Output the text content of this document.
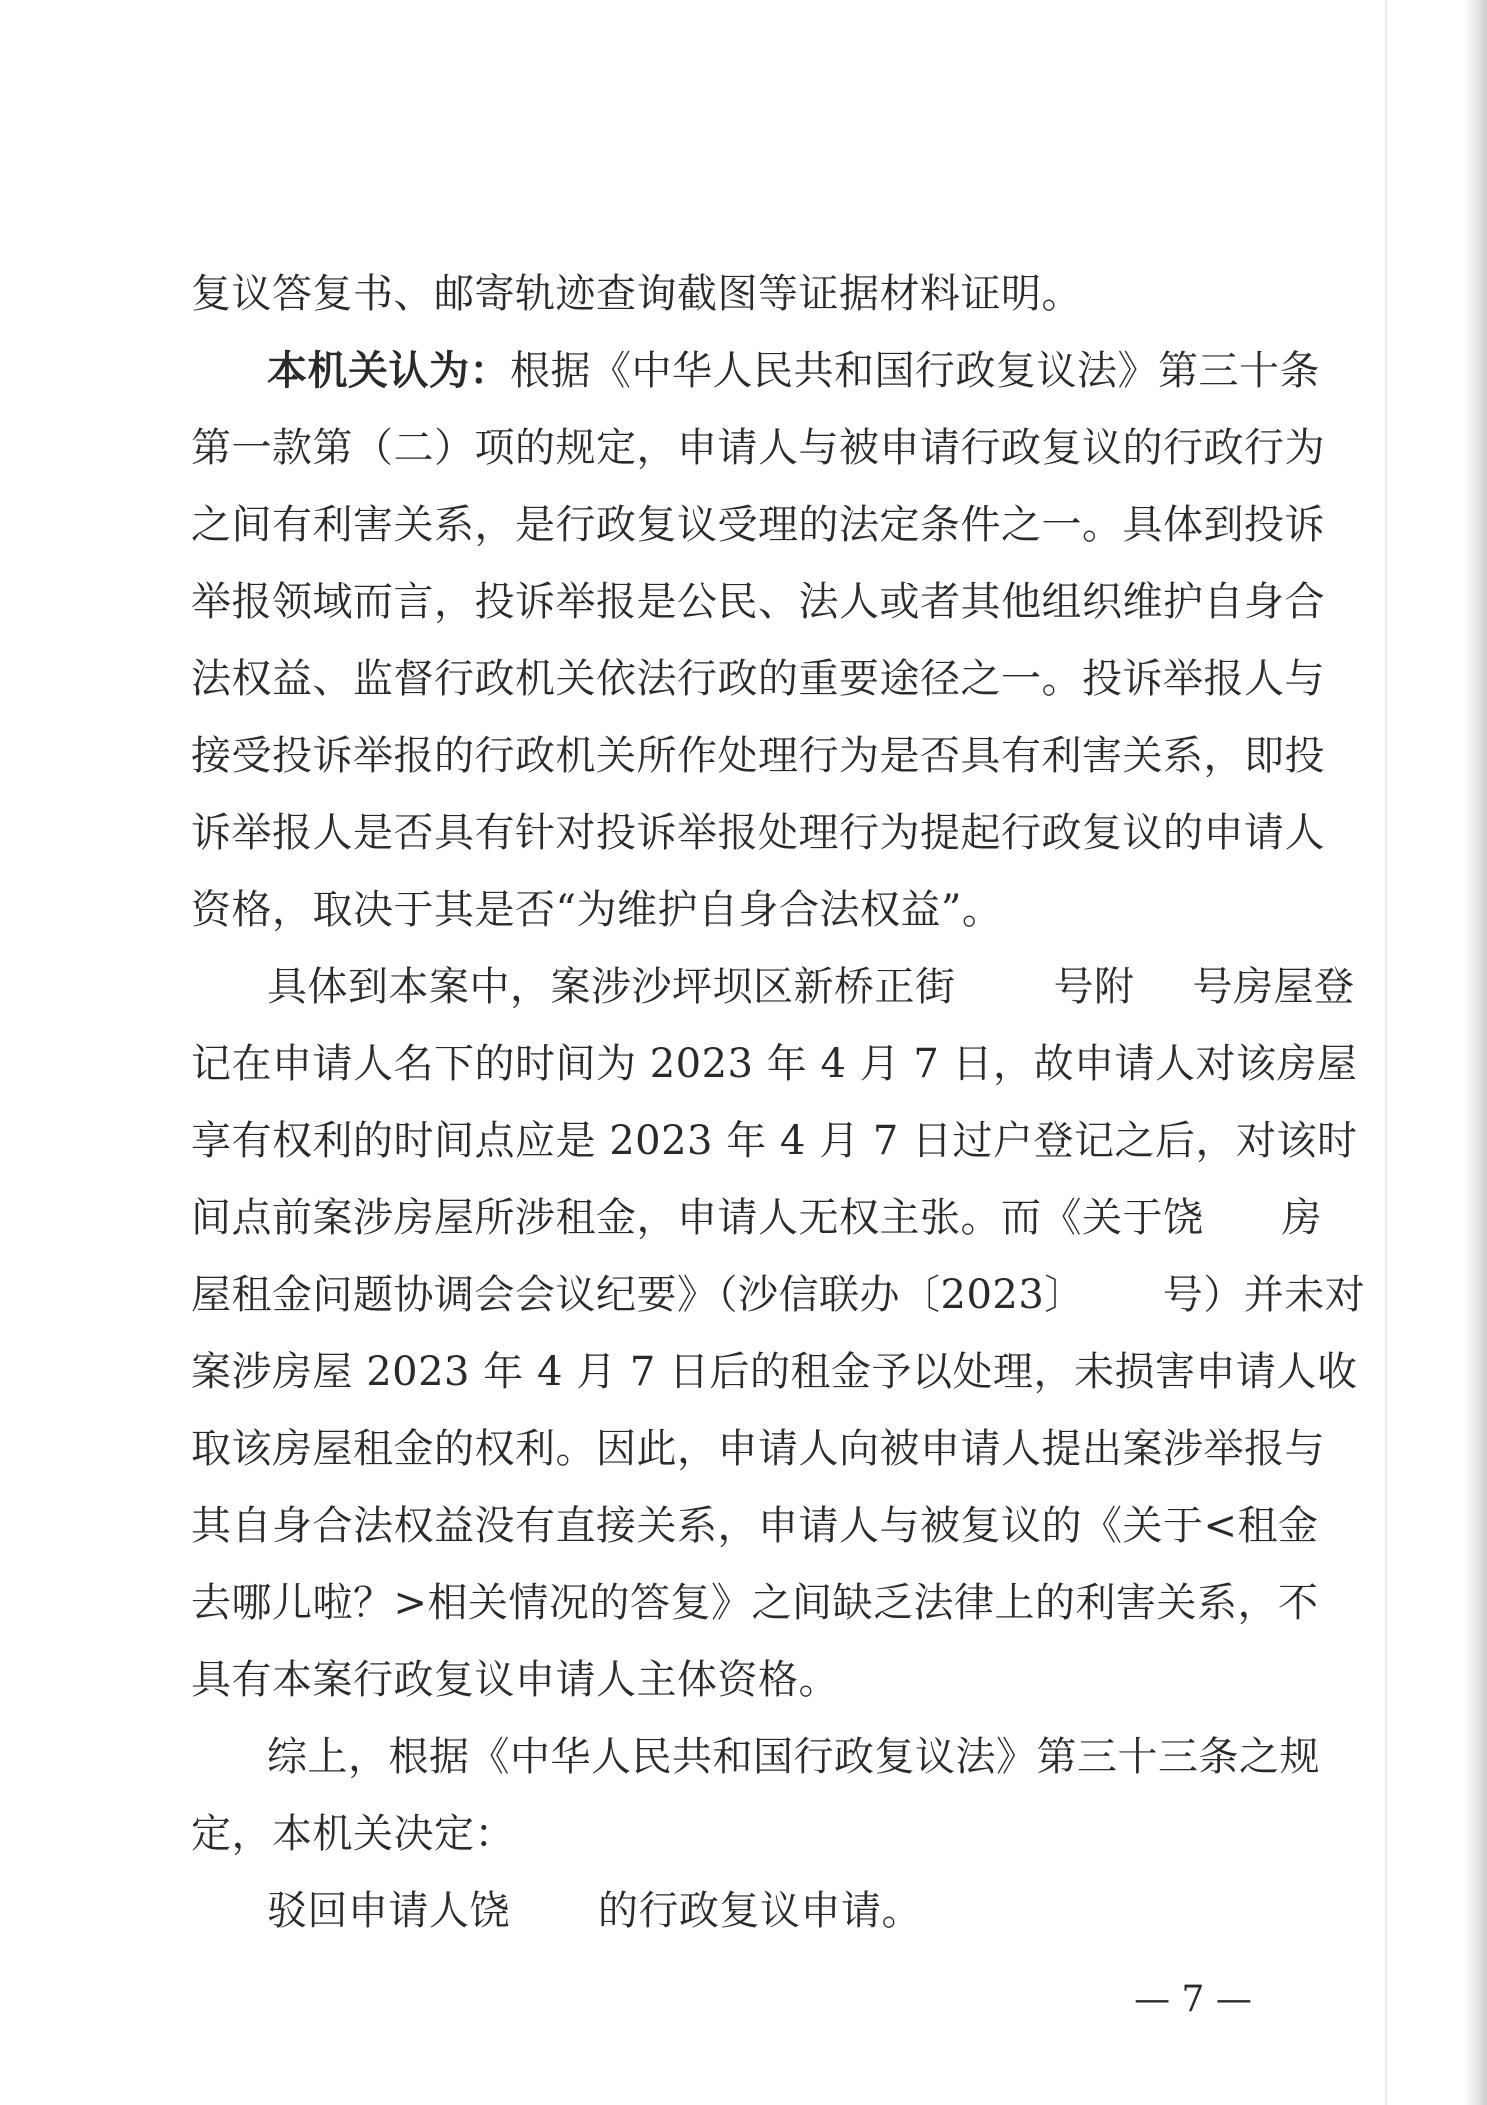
复议答复书、邮寄轨迹查询截图等证据材料证明。
本机关认为：根据《中华人民共和国行政复议法》第三十条
第一款第（二）项的规定，申请人与被申请行政复议的行政行为
之间有利害关系，是行政复议受理的法定条件之一。具体到投诉
举报领域而言，投诉举报是公民、法人或者其他组织维护自身合
法权益、监督行政机关依法行政的重要途径之一。投诉举报人与
接受投诉举报的行政机关所作处理行为是否具有利害关系，即投
诉举报人是否具有针对投诉举报处理行为提起行政复议的申请人
资格，取决于其是否“为维护自身合法权益”。
具体到本案中，案涉沙坪坝区新桥正街 号附 号房屋登
记在申请人名下的时间为 2023 年 4 月 7 日，故申请人对该房屋
享有权利的时间点应是 2023 年 4 月 7 日过户登记之后，对该时
间点前案涉房屋所涉租金，申请人无权主张。而《关于饶 房
屋租金问题协调会会议纪要》（沙信联办〔2023〕 号）并未对
案涉房屋 2023 年 4 月 7 日后的租金予以处理，未损害申请人收
取该房屋租金的权利。因此，申请人向被申请人提出案涉举报与
其自身合法权益没有直接关系，申请人与被复议的《关于<租金
去哪儿啦？>相关情况的答复》之间缺乏法律上的利害关系，不
具有本案行政复议申请人主体资格。
综上，根据《中华人民共和国行政复议法》第三十三条之规
定，本机关决定：
驳回申请人饶 的行政复议申请。
— 7 —
